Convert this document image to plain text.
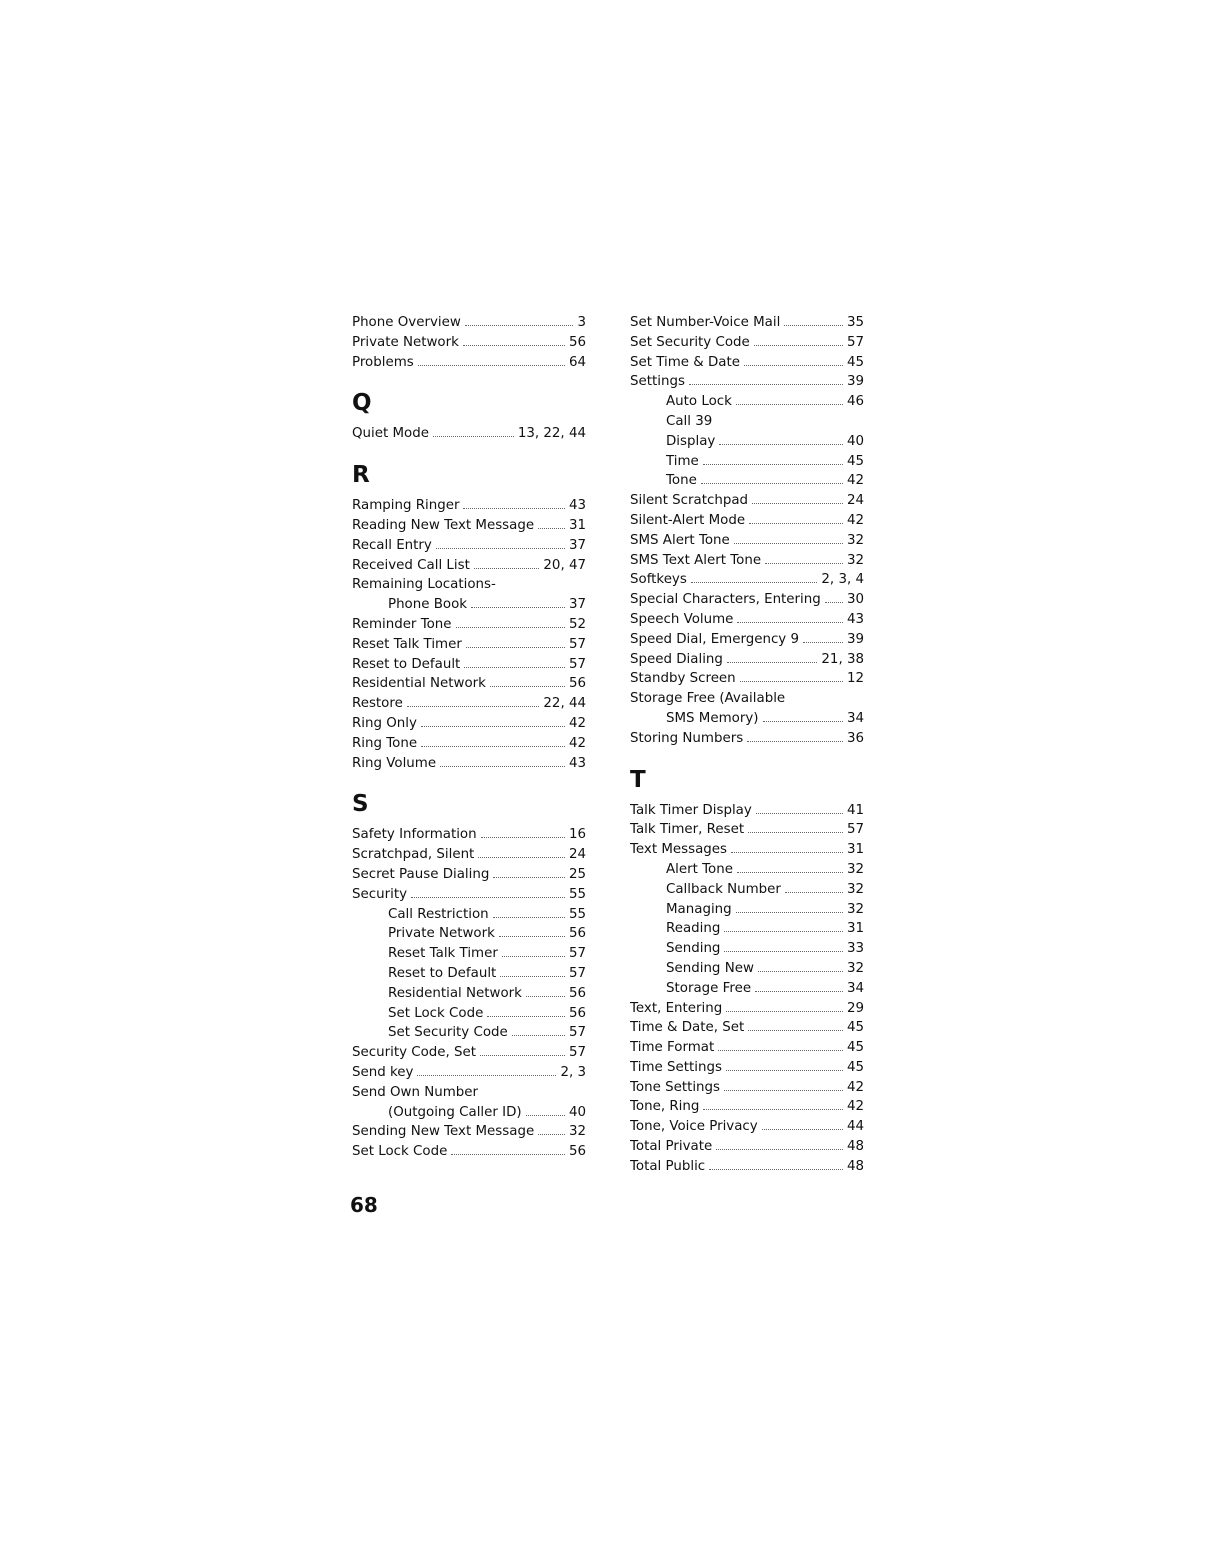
Phone Overview	3
Private Network	56
Problems	64
Q
Quiet Mode	13, 22, 44
R
Ramping Ringer	43
Reading New Text Message	31
Recall Entry	37
Received Call List	20, 47
Remaining Locations-
Phone Book	37
Reminder Tone	52
Reset Talk Timer	57
Reset to Default	57
Residential Network	56
Restore	22, 44
Ring Only	42
Ring Tone	42
Ring Volume	43
S
Safety Information	16
Scratchpad, Silent	24
Secret Pause Dialing	25
Security	55
Call Restriction	55
Private Network	56
Reset Talk Timer	57
Reset to Default	57
Residential Network	56
Set Lock Code	56
Set Security Code	57
Security Code, Set	57
Send key	2, 3
Send Own Number
(Outgoing Caller ID)	40
Sending New Text Message	32
Set Lock Code	56
Set Number-Voice Mail	35
Set Security Code	57
Set Time & Date	45
Settings	39
Auto Lock	46
Call 39
Display	40
Time	45
Tone	42
Silent Scratchpad	24
Silent-Alert Mode	42
SMS Alert Tone	32
SMS Text Alert Tone	32
Softkeys	2, 3, 4
Special Characters, Entering 30
Speech Volume	43
Speed Dial, Emergency 9	39
Speed Dialing	21, 38
Standby Screen	12
Storage Free (Available
SMS Memory)	34
Storing Numbers	36
T
Talk Timer Display	41
Talk Timer, Reset	57
Text Messages	31
Alert Tone	32
Callback Number	32
Managing	32
Reading	31
Sending	33
Sending New	32
Storage Free	34
Text, Entering	29
Time & Date, Set	45
Time Format	45
Time Settings	45
Tone Settings	42
Tone, Ring	42
Tone, Voice Privacy	44
Total Private	48
Total Public	48
68
